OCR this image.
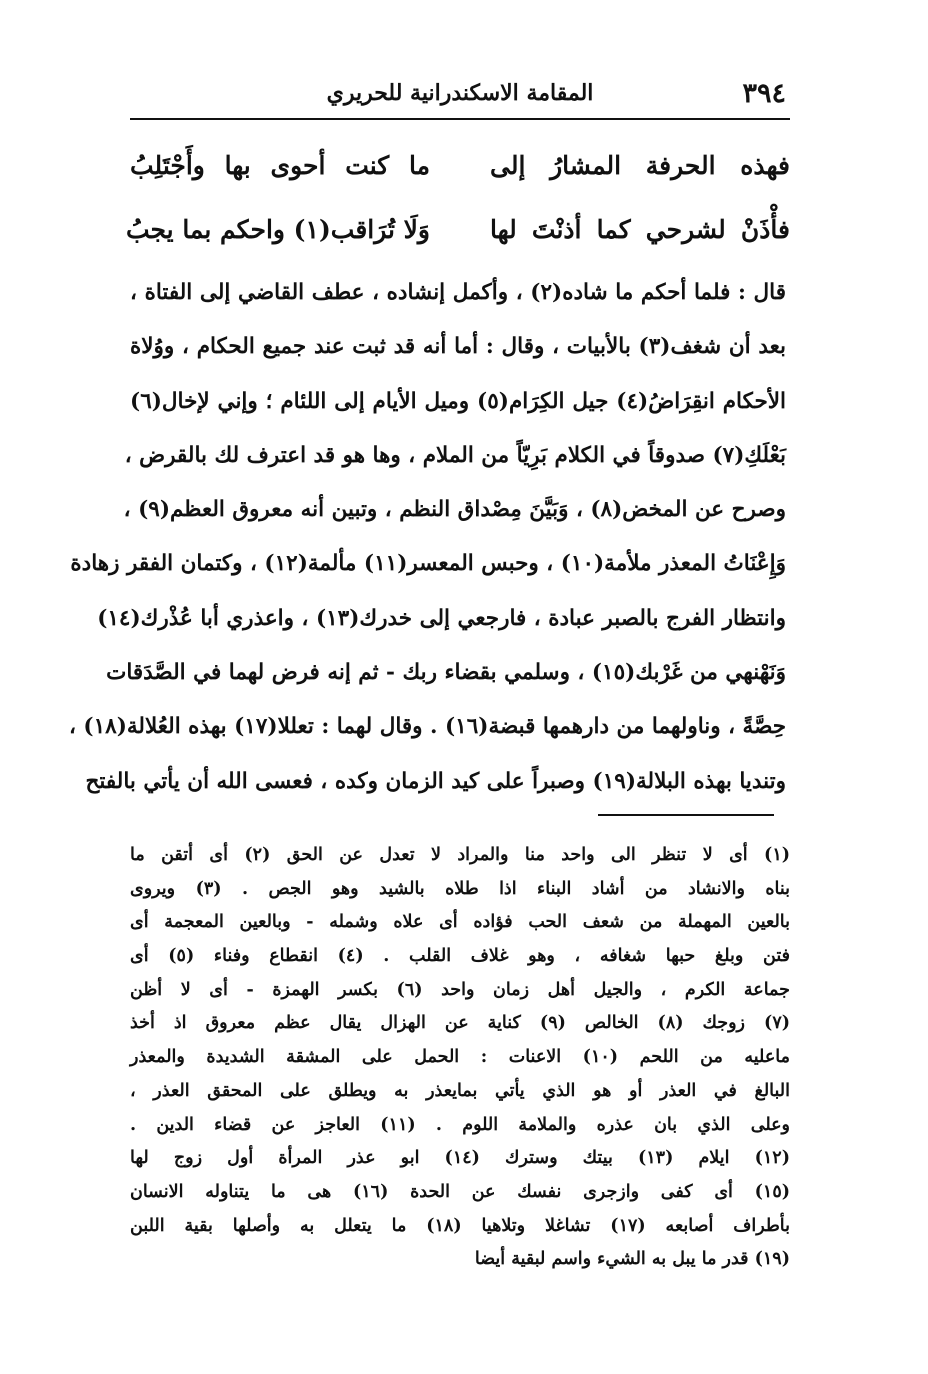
٣٩٤
المقامة الاسكندرانية للحريري
فهذه الحرفة المشارُ إلى
ما كنت أحوى بها وأَجْتَلِبُ
فأْذَنْ لشرحي كما أذنْتَ لها
وَلَا تُرَاقب(١) واحكم بما يجبُ
قال : فلما أحكم ما شاده(٢) ، وأكمل إنشاده ، عطف القاضي إلى الفتاة ،
بعد أن شغف(٣) بالأبيات ، وقال : أما أنه قد ثبت عند جميع الحكام ، ووُلاة
الأحكام انقِرَاضُ(٤) جيل الكِرَام(٥) وميل الأيام إلى اللئام ؛ وإني لإخال(٦)
بَعْلَكِ(٧) صدوقاً في الكلام بَرِيّاً من الملام ، وها هو قد اعترف لك بالقرض ،
وصرح عن المخض(٨) ، وَبَيَّنَ مِصْداق النظم ، وتبين أنه معروق العظم(٩) ،
وَإِعْنَاتُ المعذر ملأمة(١٠) ، وحبس المعسر(١١) مألمة(١٢) ، وكتمان الفقر زهادة
وانتظار الفرج بالصبر عبادة ، فارجعي إلى خدرك(١٣) ، واعذري أبا عُذْرك(١٤)
وَنَهْنهي من غَرْبك(١٥) ، وسلمي بقضاء ربك - ثم إنه فرض لهما في الصَّدَقات
حِصَّةً ، وناولهما من دارهمها قبضة(١٦) . وقال لهما : تعللا(١٧) بهذه العُلالة(١٨) ،
وتنديا بهذه البلالة(١٩) وصبراً على كيد الزمان وكده ، فعسى الله أن يأتي بالفتح
(١) أى لا تنظر الى واحد منا والمراد لا تعدل عن الحق (٢) أى أتقن ما
بناه والانشاد من أشاد البناء اذا طلاه بالشيد وهو الجص . (٣) ويروى
بالعين المهملة من شعف الحب فؤاده أى علاه وشمله - وبالعين المعجمة أى
فتن وبلغ حبها شغافه ، وهو غلاف القلب . (٤) انقطاع وفناء (٥) أى
جماعة الكرم ، والجيل أهل زمان واحد (٦) بكسر الهمزة - أى لا أظن
(٧) زوجك (٨) الخالص (٩) كناية عن الهزال يقال عظم معروق اذ أخذ
ماعليه من اللحم (١٠) الاعنات : الحمل على المشقة الشديدة والمعذر
البالغ في العذر أو هو الذي يأتي بمايعذر به ويطلق على المحقق العذر ،
وعلى الذي بان عذره والملامة اللوم . (١١) العاجز عن قضاء الدين .
(١٢) ايلام (١٣) بيتك وسترك (١٤) ابو عذر المرأة أول زوج لها
(١٥) أى كفى وازجرى نفسك عن الحدة (١٦) هى ما يتناوله الانسان
بأطراف أصابعه (١٧) تشاغلا وتلاهيا (١٨) ما يتعلل به وأصلها بقية اللبن
(١٩) قدر ما يبل به الشيء واسم لبقية أيضا
